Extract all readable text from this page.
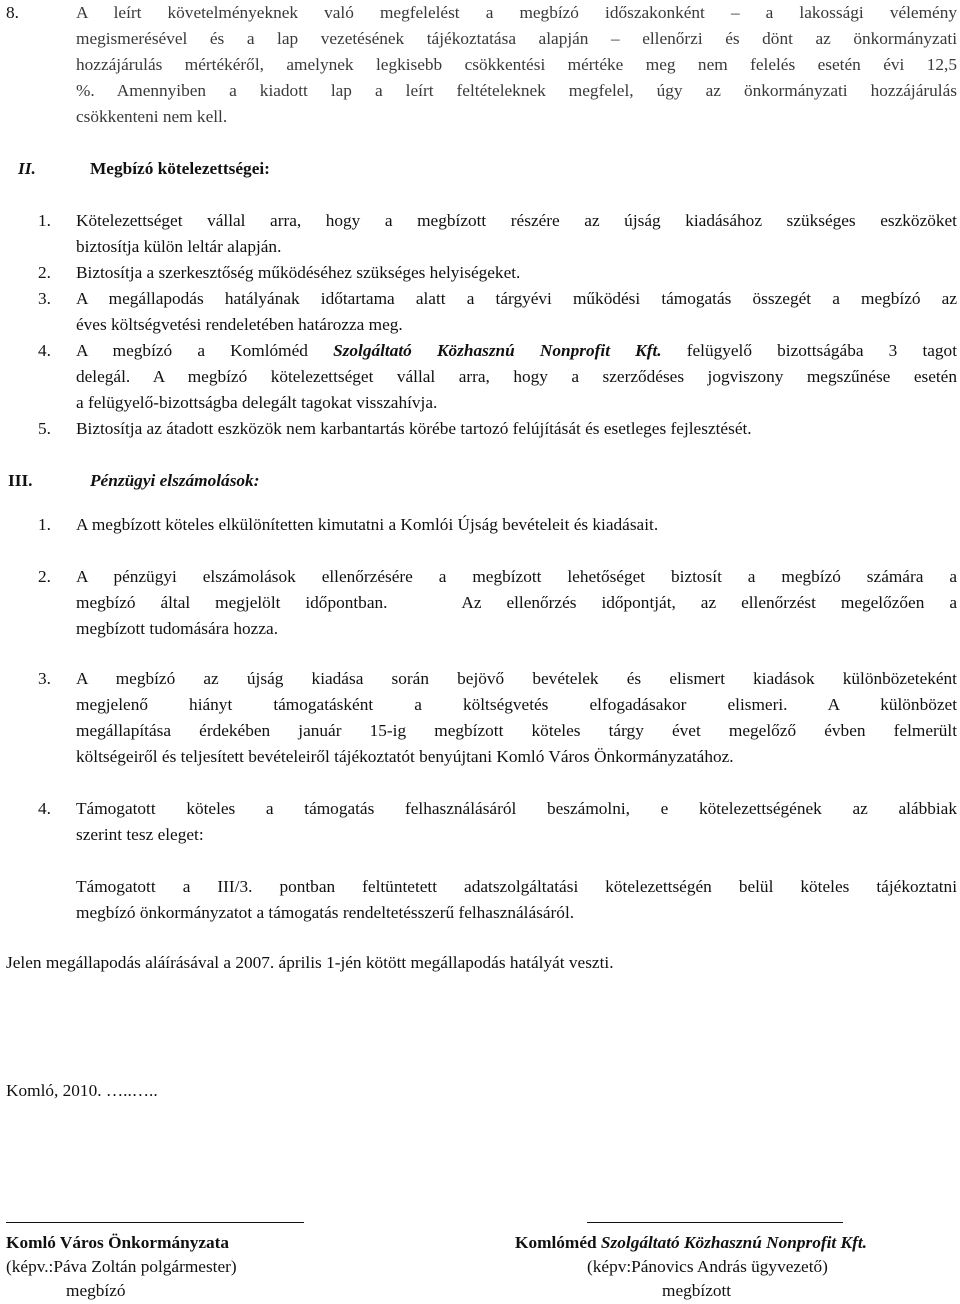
8.	A leírt követelményeknek való megfelelést a megbízó időszakonként – a lakossági vélemény
megismerésével és a lap vezetésének tájékoztatása alapján – ellenőrzi és dönt az önkormányzati
hozzájárulás mértékéről, amelynek legkisebb csökkentési mértéke meg nem felelés esetén évi 12,5
%. Amennyiben a kiadott lap a leírt feltételeknek megfelel, úgy az önkormányzati hozzájárulás
csökkenteni nem kell.
II.	Megbízó kötelezettségei:
1. Kötelezettséget vállal arra, hogy a megbízott részére az újság kiadásához szükséges eszközöket
biztosítja külön leltár alapján.
2. Biztosítja a szerkesztőség működéséhez szükséges helyiségeket.
3. A megállapodás hatályának időtartama alatt a tárgyévi működési támogatás összegét a megbízó az
éves költségvetési rendeletében határozza meg.
4. A megbízó a Komlóméd Szolgáltató Közhasznú Nonprofit Kft. felügyelő bizottságába 3 tagot
delegál. A megbízó kötelezettséget vállal arra, hogy a szerződéses jogviszony megszűnése esetén
a felügyelő-bizottságba delegált tagokat visszahívja.
5. Biztosítja az átadott eszközök nem karbantartás körébe tartozó felújítását és esetleges fejlesztését.
III.	Pénzügyi elszámolások:
1. A megbízott köteles elkülönítetten kimutatni a Komlói Újság bevételeit és kiadásait.
2. A pénzügyi elszámolások ellenőrzésére a megbízott lehetőséget biztosít a megbízó számára a
megbízó által megjelölt időpontban.   Az ellenőrzés időpontját, az ellenőrzést megelőzően a
megbízott tudomására hozza.
3. A megbízó az újság kiadása során bejövő bevételek és elismert kiadások különbözeteként
megjelenő hiányt támogatásként a költségvetés elfogadásakor elismeri. A különbözet
megállapítása érdekében január 15-ig megbízott köteles tárgy évet megelőző évben felmerült
költségeiről és teljesített bevételeiről tájékoztatót benyújtani Komló Város Önkormányzatához.
4. Támogatott köteles a támogatás felhasználásáról beszámolni, e kötelezettségének az alábbiak
szerint tesz eleget:
Támogatott a III/3. pontban feltüntetett adatszolgáltatási kötelezettségén belül köteles tájékoztatni
megbízó önkormányzatot a támogatás rendeltetésszerű felhasználásáról.
Jelen megállapodás aláírásával a 2007. április 1-jén kötött megállapodás hatályát veszti.
Komló, 2010. …..…..
Komló Város Önkormányzata
(képv.:Páva Zoltán polgármester)
megbízó
Komlóméd Szolgáltató Közhasznú Nonprofit Kft.
(képv:Pánovics András ügyvezető)
megbízott
